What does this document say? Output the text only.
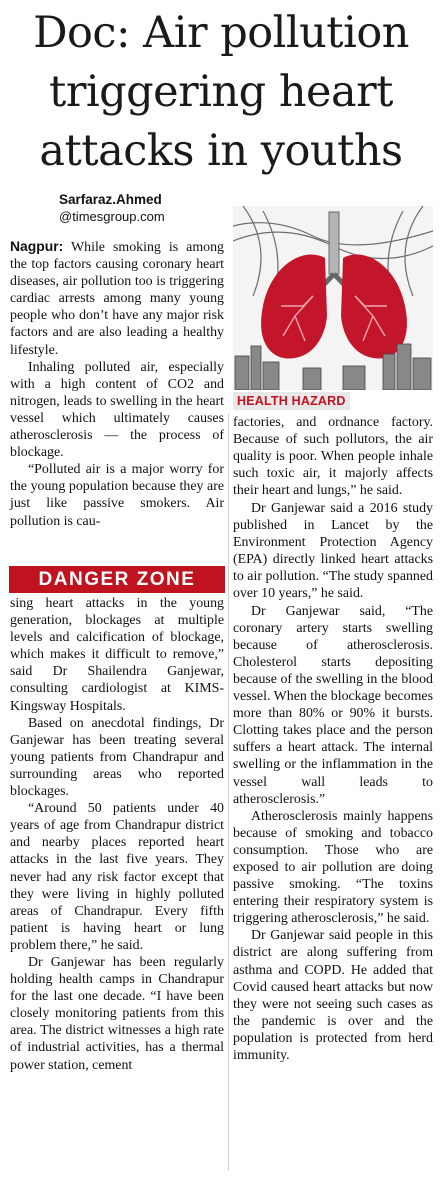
Doc: Air pollution
triggering heart
attacks in youths
Sarfaraz.Ahmed
@timesgroup.com
HEALTH HAZARD

Nagpur: While smoking is among the top factors causing coronary heart diseases, air pollution too is triggering cardiac arrests among many young people who don’t have any major risk factors and are also leading a healthy lifestyle.

Inhaling polluted air, especially with a high content of CO2 and nitrogen, leads to swelling in the heart vessel which ultimately causes atherosclerosis — the process of blockage.

“Polluted air is a major worry for the young population because they are just like passive smokers. Air pollution is cau-

DANGER ZONE

sing heart attacks in the young generation, blockages at multiple levels and calcification of blockage, which makes it difficult to remove,” said Dr Shailendra Ganjewar, consulting cardiologist at KIMS-Kingsway Hospitals.

Based on anecdotal findings, Dr Ganjewar has been treating several young patients from Chandrapur and surrounding areas who reported blockages.

“Around 50 patients under 40 years of age from Chandrapur district and nearby places reported heart attacks in the last five years. They never had any risk factor except that they were living in highly polluted areas of Chandrapur. Every fifth patient is having heart or lung problem there,” he said.

Dr Ganjewar has been regularly holding health camps in Chandrapur for the last one decade. “I have been closely monitoring patients from this area. The district witnesses a high rate of industrial activities, has a thermal power station, cement

factories, and ordnance factory. Because of such pollutors, the air quality is poor. When people inhale such toxic air, it majorly affects their heart and lungs,” he said.

Dr Ganjewar said a 2016 study published in Lancet by the Environment Protection Agency (EPA) directly linked heart attacks to air pollution. “The study spanned over 10 years,” he said.

Dr Ganjewar said, “The coronary artery starts swelling because of atherosclerosis. Cholesterol starts depositing because of the swelling in the blood vessel. When the blockage becomes more than 80% or 90% it bursts. Clotting takes place and the person suffers a heart attack. The internal swelling or the inflammation in the vessel wall leads to atherosclerosis.”

Atherosclerosis mainly happens because of smoking and tobacco consumption. Those who are exposed to air pollution are doing passive smoking. “The toxins entering their respiratory system is triggering atherosclerosis,” he said.

Dr Ganjewar said people in this district are along suffering from asthma and COPD. He added that Covid caused heart attacks but now they were not seeing such cases as the pandemic is over and the population is protected from herd immunity.
